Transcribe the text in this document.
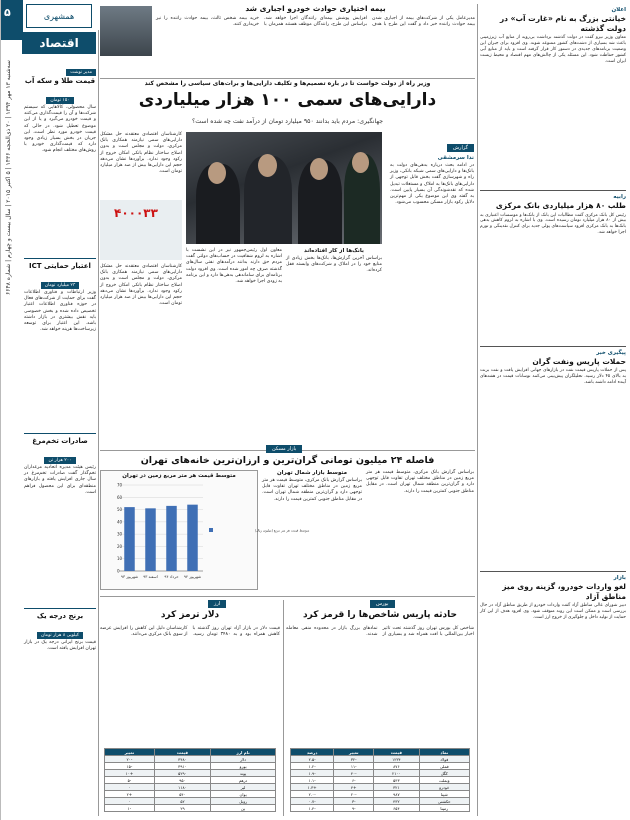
۵
سه‌شنبه ۱۳ مهر ۱۳۹۴ | ۲۰ ذی‌الحجه ۱۴۳۶ | ۵ اکتبر ۲۰۱۵ | سال بیست و چهارم | شماره ۶۶۴۸
همشهری
اقتصاد
مدیر نوشت
قیمت طلا و سکه آب
۱۵۰ تومان
سال محصولی، کالاهایی که سیستم شرکت‌ها و آن را قیمت‌گذاری می‌کنند و قیمت خودرو می‌گیرد و یا از این موضوع تعطیل شود. در حالی که قیمت خودرو مورد نظر است، این جریان در بخش بسیار زیادی وجود دارد که قیمت‌گذاری خودرو با روش‌های مختلف انجام شود.
اعتبار حمایتی ICT
۲۳ میلیارد تومان
وزیر ارتباطات و فناوری اطلاعات گفت برای حمایت از شرکت‌های فعال در حوزه فناوری اطلاعات اعتبار تخصیص داده شده و بخش خصوصی باید نقش بیشتری در بازار داشته باشد. این اعتبار برای توسعه زیرساخت‌ها هزینه خواهد شد.
صادرات تخم‌مرغ
۲۰۰ هزار تن
رئیس هیئت مدیره اتحادیه مرغداران تخم‌گذار گفت صادرات تخم‌مرغ در سال جاری افزایش یافته و بازارهای منطقه‌ای برای این محصول فراهم است.
برنج درجه یک
کیلویی ۸ هزار تومان
قیمت برنج ایرانی درجه یک در بازار تهران افزایش یافته است.
بیمه اختیاری حوادث خودرو اجباری شد
مدیرعامل یکی از شرکت‌های بیمه از اجباری شدن بیمه حوادث راننده خبر داد و گفت این طرح با هدف افزایش پوشش بیمه‌ای رانندگان اجرا خواهد شد. براساس این طرح، رانندگان موظف هستند همزمان با خرید بیمه شخص ثالث، بیمه حوادث راننده را نیز خریداری کنند.
وزیر راه از دولت خواست تا در باره تصمیم‌ها و تکلیف دارایی‌ها و برات‌های سیاسی را مشخص کند
دارایی‌های سمی ۱۰۰ هزار میلیاردی
جهانگیری: مردم باید بدانند ۹۵۰ میلیارد تومان از درآمد نفت چه شده است؟
گزارش
ندا سرمشقی
در ادامه بحث درباره بدهی‌های دولت به بانک‌ها و دارایی‌های سمی شبکه بانکی، وزیر راه و شهرسازی گفت بخش قابل توجهی از دارایی‌های بانک‌ها به املاک و مستغلات تبدیل شده که نقدشوندگی آن بسیار پایین است. به گفته وی این موضوع یکی از مهم‌ترین دلایل رکود بازار مسکن محسوب می‌شود.
کارشناسان اقتصادی معتقدند حل مشکل دارایی‌های سمی نیازمند همکاری بانک مرکزی، دولت و مجلس است و بدون اصلاح ساختار نظام بانکی امکان خروج از رکود وجود ندارد. برآوردها نشان می‌دهد حجم این دارایی‌ها بیش از صد هزار میلیارد تومان است.
۴۰۰۰۳۳
معاون اول رئیس‌جمهور نیز در این نشست با اشاره به لزوم شفافیت در حساب‌های دولتی گفت مردم حق دارند بدانند درآمدهای نفتی سال‌های گذشته صرف چه امور شده است. وی افزود دولت برنامه‌ای برای ساماندهی بدهی‌ها دارد و این برنامه به زودی اجرا خواهد شد.
بانک‌ها از کار افتاده‌اند
براساس آخرین گزارش‌ها، بانک‌ها بخش زیادی از منابع خود را در املاک و شرکت‌های وابسته قفل کرده‌اند.
کارشناسان اقتصادی معتقدند حل مشکل دارایی‌های سمی نیازمند همکاری بانک مرکزی، دولت و مجلس است و بدون اصلاح ساختار نظام بانکی امکان خروج از رکود وجود ندارد. برآوردها نشان می‌دهد حجم این دارایی‌ها بیش از صد هزار میلیارد تومان است.
بازار مسکن
فاصله ۲۴ میلیون تومانی گران‌ترین و ارزان‌ترین خانه‌های تهران
متوسط قیمت هر متر مربع زمین در تهران
0
10
20
30
40
50
60
70
شهریور ۹۳ اسفند ۹۳ خرداد ۹۴ شهریور ۹۴
متوسط قیمت هر متر مربع (میلیون ریال)
متوسط بازار شمال تهران
براساس گزارش بانک مرکزی، متوسط قیمت هر متر مربع زمین در مناطق مختلف تهران تفاوت قابل توجهی دارد و گران‌ترین منطقه شمال تهران است. در مقابل مناطق جنوبی کمترین قیمت را دارند.
براساس گزارش بانک مرکزی، متوسط قیمت هر متر مربع زمین در مناطق مختلف تهران تفاوت قابل توجهی دارد و گران‌ترین منطقه شمال تهران است. در مقابل مناطق جنوبی کمترین قیمت را دارند.
ارز
دلار ترمز کرد
قیمت دلار در بازار آزاد تهران روز گذشته با کاهش همراه بود و به ۳۴۸۰ تومان رسید. کارشناسان دلیل این کاهش را افزایش عرضه از سوی بانک مرکزی می‌دانند.
نام ارز	قیمت	تغییر
دلار	۳۴۸۰	-۲۰
یورو	۳۹۱۰	-۱۵
پوند	۵۲۹۰	+۱۰
درهم	۹۵۰	-۵
لیر	۱۱۸۰	۰
یوان	۵۴۰	+۲
روبل	۵۲	۰
ین	۲۹	-۱
بورس
حادثه پاریس شاخص‌ها را قرمز کرد
شاخص کل بورس تهران روز گذشته تحت تاثیر اخبار بین‌المللی با افت همراه شد و بسیاری از نمادهای بزرگ بازار در محدوده منفی معامله شدند.
نماد	قیمت	تغییر	درصد
فولاد	۱۲۳۴	-۳۲	-۲.۵
فملی	۸۷۶	-۱۱	-۱.۲
کگل	۲۱۰۰	-۴۰	-۱.۹
وبملت	۵۴۳	-۶	-۱.۱
خودرو	۳۲۱	+۴	+۱.۳
شپنا	۹۸۷	-۲۰	-۲.۰
حکشتی	۴۳۲	-۳	-۰.۷
رمپنا	۶۵۴	-۹	-۱.۴
اعلان
خیانتی بزرگ به نام «غارت آب» در دولت گذشته
معاون وزیر نیرو گفت در دولت گذشته برداشت بی‌رویه از منابع آب زیرزمینی باعث شد بسیاری از دشت‌های کشور ممنوعه شوند. وی افزود برای جبران این وضعیت برنامه‌های جدیدی در دستور کار قرار گرفته است و باید از منابع آبی کشور حفاظت شود. این مسئله یکی از چالش‌های مهم اقتصاد و محیط زیست ایران است.
رابیه
طلب ۸۰ هزار میلیاردی بانک مرکزی
رئیس کل بانک مرکزی گفت مطالبات این بانک از بانک‌ها و موسسات اعتباری به بیش از ۸۰ هزار میلیارد تومان رسیده است. وی با اشاره به لزوم کاهش بدهی بانک‌ها به بانک مرکزی افزود سیاست‌های پولی جدید برای کنترل نقدینگی و تورم اجرا خواهد شد.
پیگیری خبر
حملات پاریس ونفت گران
پس از حملات پاریس قیمت نفت در بازارهای جهانی افزایش یافت و نفت برنت به بالای ۴۵ دلار رسید. تحلیلگران پیش‌بینی می‌کنند نوسانات قیمت در هفته‌های آینده ادامه داشته باشد.
بازار
لغو واردات خودرو، گزینه روی میز مناطق آزاد
دبیر شورای عالی مناطق آزاد گفت واردات خودرو از طریق مناطق آزاد در حال بررسی است و ممکن است این روند متوقف شود. وی افزود هدف از این کار حمایت از تولید داخل و جلوگیری از خروج ارز است.
